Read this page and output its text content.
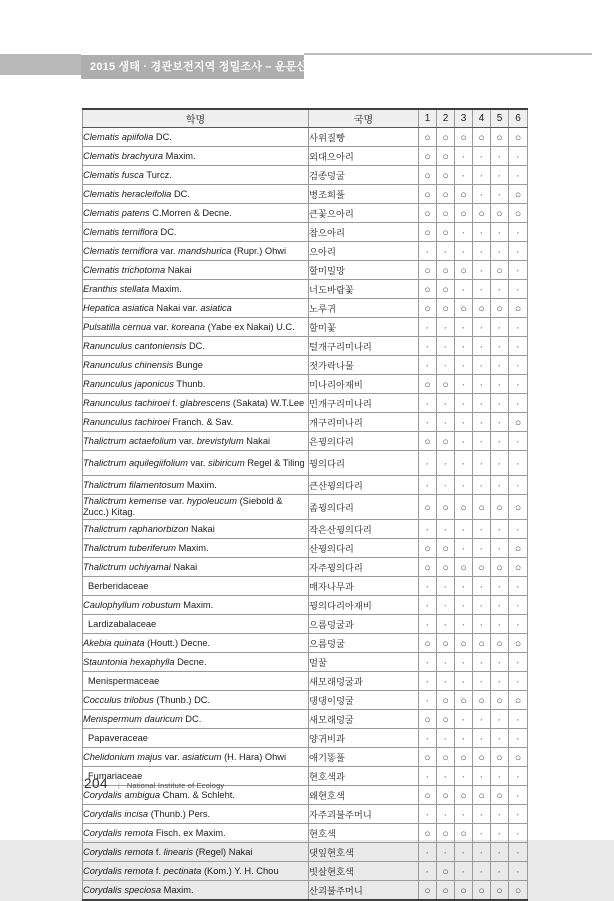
2015 생태 · 경관보전지역 정밀조사 – 운문산
학명	국명	1	2	3	4	5	6
Clematis apiifolia DC.	사위질빵	○	○	○	○	○	○
Clematis brachyura Maxim.	외대으아리	○	○	·	·	·	·
Clematis fusca Turcz.	검종덩굴	○	○	·	·	·	·
Clematis heracleifolia DC.	병조희풀	○	○	○	·	·	○
Clematis patens C.Morren & Decne.	큰꽃으아리	○	○	○	○	○	○
Clematis terniflora DC.	참으아리	○	○	·	·	·	·
Clematis terniflora var. mandshurica (Rupr.) Ohwi	으아리	·	·	·	·	·	·
Clematis trichotoma Nakai	할미밀망	○	○	○	·	○	·
Eranthis stellata Maxim.	너도바람꽃	○	○	·	·	·	·
Hepatica asiatica Nakai var. asiatica	노루귀	○	○	○	○	○	○
Pulsatilla cernua var. koreana (Yabe ex Nakai) U.C.	할미꽃	·	·	·	·	·	·
Ranunculus cantoniensis DC.	털개구리미나리	·	·	·	·	·	·
Ranunculus chinensis Bunge	젓가락나물	·	·	·	·	·	·
Ranunculus japonicus Thunb.	미나리아재비	○	○	·	·	·	·
Ranunculus tachiroei f. glabrescens (Sakata) W.T.Lee	민개구리미나리	·	·	·	·	·	·
Ranunculus tachiroei Franch. & Sav.	개구리미나리	·	·	·	·	·	○
Thalictrum actaefolium var. brevistylum Nakai	은꿩의다리	○	○	·	·	·	·
Thalictrum aquilegiifolium var. sibiricum Regel & Tiling	꿩의다리	·	·	·	·	·	·
Thalictrum filamentosum Maxim.	큰산꿩의다리	·	·	·	·	·	·
Thalictrum kemense var. hypoleucum (Siebold & Zucc.) Kitag.	좀꿩의다리	○	○	○	○	○	○
Thalictrum raphanorbizon Nakai	작은산꿩의다리	·	·	·	·	·	·
Thalictrum tuberiferum Maxim.	산꿩의다리	○	○	·	·	·	○
Thalictrum uchiyamai Nakai	자주꿩의다리	○	○	○	○	○	○
Berberidaceae	매자나무과	·	·	·	·	·	·
Caulophyllum robustum Maxim.	꿩의다리아재비	·	·	·	·	·	·
Lardizabalaceae	으름덩굴과	·	·	·	·	·	·
Akebia quinata (Houtt.) Decne.	으름덩굴	○	○	○	○	○	○
Stauntonia hexaphylla Decne.	멀꿀	·	·	·	·	·	·
Menispermaceae	새모래덩굴과	·	·	·	·	·	·
Cocculus trilobus (Thunb.) DC.	댕댕이덩굴	·	○	○	○	○	○
Menispermum dauricum DC.	새모래덩굴	○	○	·	·	·	·
Papaveraceae	양귀비과	·	·	·	·	·	·
Chelidonium majus var. asiaticum (H. Hara) Ohwi	애기똥풀	○	○	○	○	○	○
Fumariaceae	현호색과	·	·	·	·	·	·
Corydalis ambigua Cham. & Schleht.	왜현호색	○	○	○	○	○	·
Corydalis incisa (Thunb.) Pers.	자주괴불주머니	·	·	·	·	·	·
Corydalis remota Fisch. ex Maxim.	현호색	○	○	○	·	·	·
Corydalis remota f. linearis (Regel) Nakai	댓잎현호색	·	·	·	·	·	·
Corydalis remota f. pectinata (Kom.) Y. H. Chou	빗살현호색	·	○	·	·	·	·
Corydalis speciosa Maxim.	산괴불주머니	○	○	○	○	○	○
204 | National Institute of Ecology
